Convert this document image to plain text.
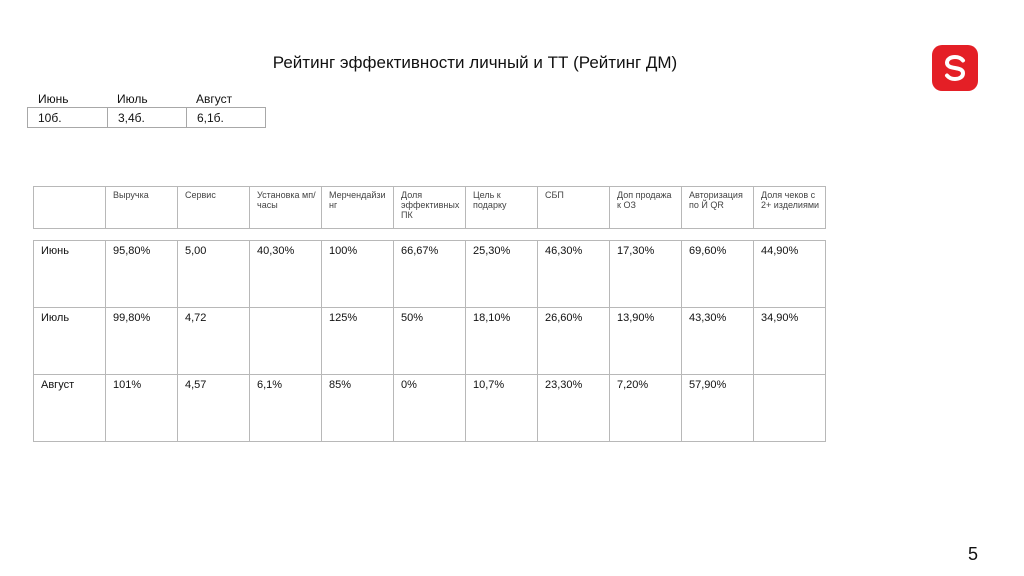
Рейтинг эффективности личный и ТТ (Рейтинг ДМ)
Июнь	Июль	Август
10б.	3,4б.	6,1б.
	Выручка	Сервис	Установка мп/часы	Мерчендайзи нг	Доля эффективных ПК	Цель к подарку	СБП	Доп продажа к ОЗ	Авторизация по Й QR	Доля чеков с 2+ изделиями
Июнь	95,80%	5,00	40,30%	100%	66,67%	25,30%	46,30%	17,30%	69,60%	44,90%
Июль	99,80%	4,72		125%	50%	18,10%	26,60%	13,90%	43,30%	34,90%
Август	101%	4,57	6,1%	85%	0%	10,7%	23,30%	7,20%	57,90%	
5
